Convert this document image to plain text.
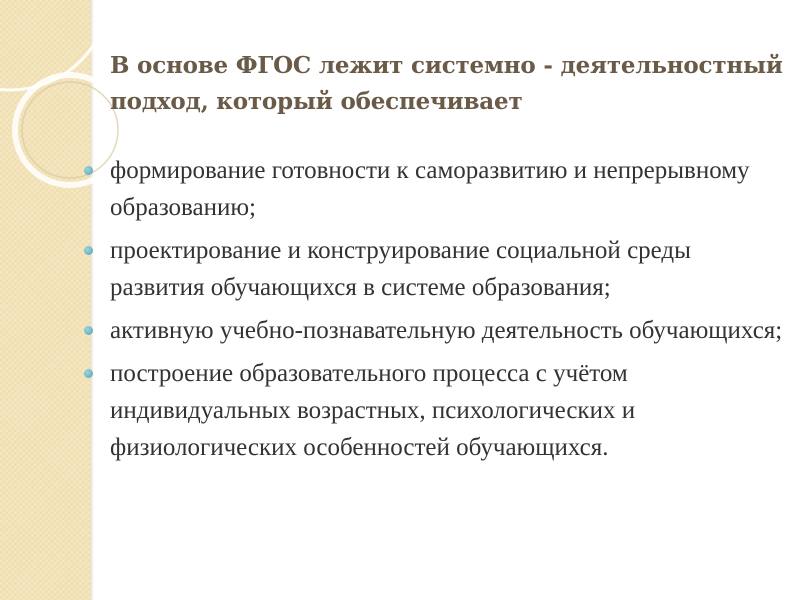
В основе ФГОС лежит системно - деятельностный подход, который обеспечивает
формирование готовности к саморазвитию и непрерывному образованию;
проектирование и конструирование социальной среды развития обучающихся в системе образования;
активную учебно-познавательную деятельность обучающихся;
построение образовательного процесса с учётом индивидуальных возрастных, психологических и физиологических особенностей обучающихся.
